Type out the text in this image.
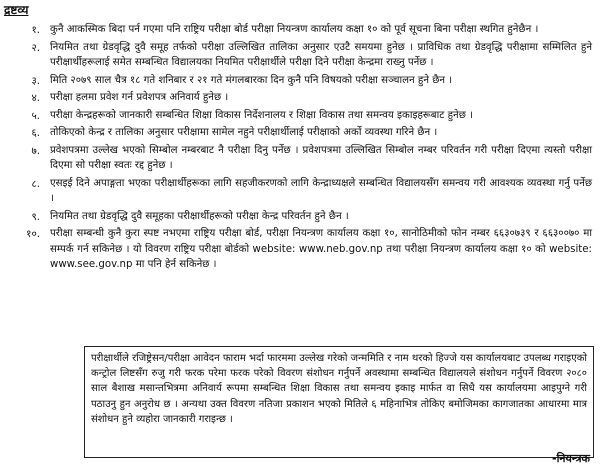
द्रष्टव्य
१. कुनै आकस्मिक बिदा पर्न गएमा पनि राष्ट्रिय परीक्षा बोर्ड परीक्षा नियन्त्रण कार्यालय कक्षा १० को पूर्व सूचना बिना परीक्षा स्थगित हुनेछैन ।
२. नियमित तथा ग्रेडवृद्धि दुवै समूह तर्फको परीक्षा उल्लिखित तालिका अनुसार एउटै समयमा हुनेछ । प्राविधिक तथा ग्रेडवृद्धि परीक्षामा सम्मिलित हुने परीक्षार्थीहरूलाई समेत सम्बन्धित विद्यालयका नियमित परीक्षार्थीले परीक्षा दिने परीक्षा केन्द्रमा राख्नु पर्नेछ ।
३. मिति २०७९ साल चैत्र १८ गते शनिबार र २१ गते मंगलबारका दिन कुनै पनि विषयको परीक्षा सञ्चालन हुने छैन ।
४. परीक्षा हलमा प्रवेश गर्न प्रवेशपत्र अनिवार्य हुनेछ ।
५. परीक्षा केन्द्रहरूको जानकारी सम्बन्धित शिक्षा विकास निर्देशनालय र शिक्षा विकास तथा समन्वय इकाइहरूबाट हुनेछ ।
६. तोकिएको केन्द्र र तालिका अनुसार परीक्षामा सामेल नहुने परीक्षार्थीलाई परीक्षाको अर्को व्यवस्था गरिने छैन ।
७. प्रवेशपत्रमा उल्लेख भएको सिम्बोल नम्बरबाट नै परीक्षा दिनु पर्नेछ । प्रवेशपत्रमा उल्लिखित सिम्बोल नम्बर परिवर्तन गरी परीक्षा दिएमा त्यस्तो परीक्षा दिएमा सो परीक्षा स्वतः रद्द हुनेछ ।
८. एसइई दिने अपाङ्गता भएका परीक्षार्थीहरूका लागि सहजीकरणको लागि केन्द्राध्यक्षले सम्बन्धित विद्यालयसँग समन्वय गरी आवश्यक व्यवस्था गर्नु पर्नेछ ।
९. नियमित तथा ग्रेडवृद्धि दुवै समूहका परीक्षार्थीहरूको परीक्षा केन्द्र परिवर्तन हुने छैन ।
१०. परीक्षा सम्बन्धी कुनै कुरा स्पष्ट नभएमा राष्ट्रिय परीक्षा बोर्ड, परीक्षा नियन्त्रण कार्यालय कक्षा १०, सानोठिमीको फोन नम्बर ६६३०७३९ र ६६३००७० मा सम्पर्क गर्न सकिनेछ । यो विवरण राष्ट्रिय परीक्षा बोर्डको website: www.neb.gov.np तथा परीक्षा नियन्त्रण कार्यालय कक्षा १० को website: www.see.gov.np मा पनि हेर्न सकिनेछ ।
परीक्षार्थीले रजिष्ट्रेसन/परीक्षा आवेदन फाराम भर्दा फारममा उल्लेख गरेको जन्ममिति र नाम थरको हिज्जे यस कार्यालयबाट उपलब्ध गराइएको कन्ट्रोल लिष्टसँग रुजु गरी फरक परेमा फरक परेको विवरण संशोधन गर्नुपर्ने अवस्थामा सम्बन्धित विद्यालयले संशोधन गर्नुपर्ने विवरण २०८० साल बैशाख मसान्तभित्रमा अनिवार्य रूपमा सम्बन्धित शिक्षा विकास तथा समन्वय इकाइ मार्फत वा सिधै यस कार्यालयमा आइपुग्ने गरी पठाउनु हुन अनुरोध छ । अन्यथा उक्त विवरण नतिजा प्रकाशन भएको मितिले ६ महिनाभित्र तोकिए बमोजिमका कागजातका आधारमा मात्र संशोधन हुने व्यहोरा जानकारी गराइन्छ ।
-नियन्त्रक
